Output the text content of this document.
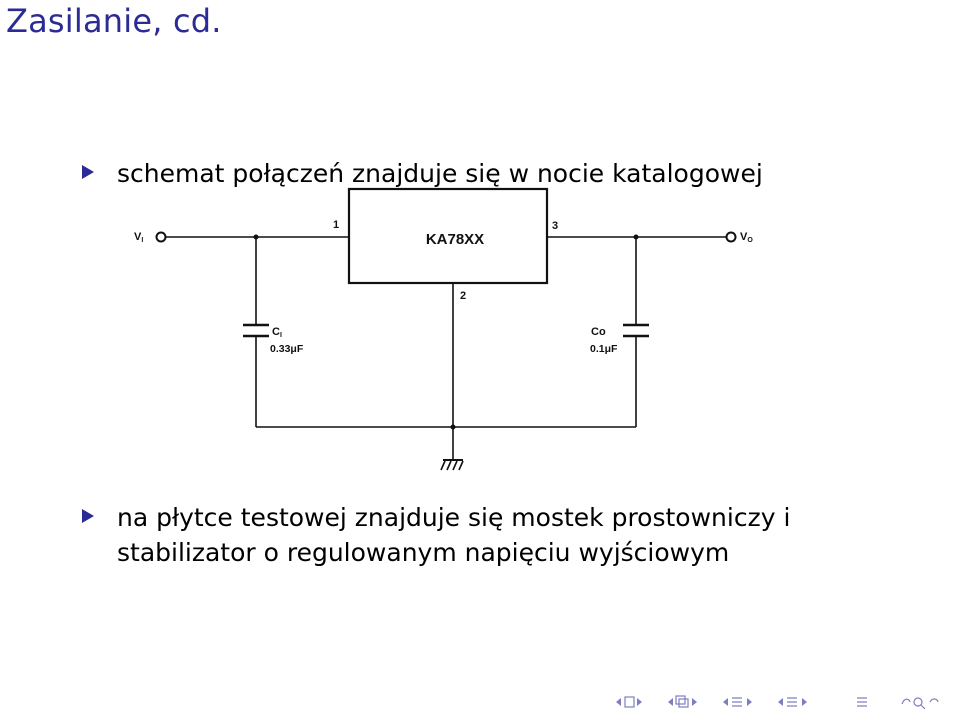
Zasilanie, cd.
schemat połączeń znajduje się w nocie katalogowej
KA78XX
1	3
2
VI	VO
CI
0.33μF
Co
0.1μF
na płytce testowej znajduje się mostek prostowniczy i
stabilizator o regulowanym napięciu wyjściowym
